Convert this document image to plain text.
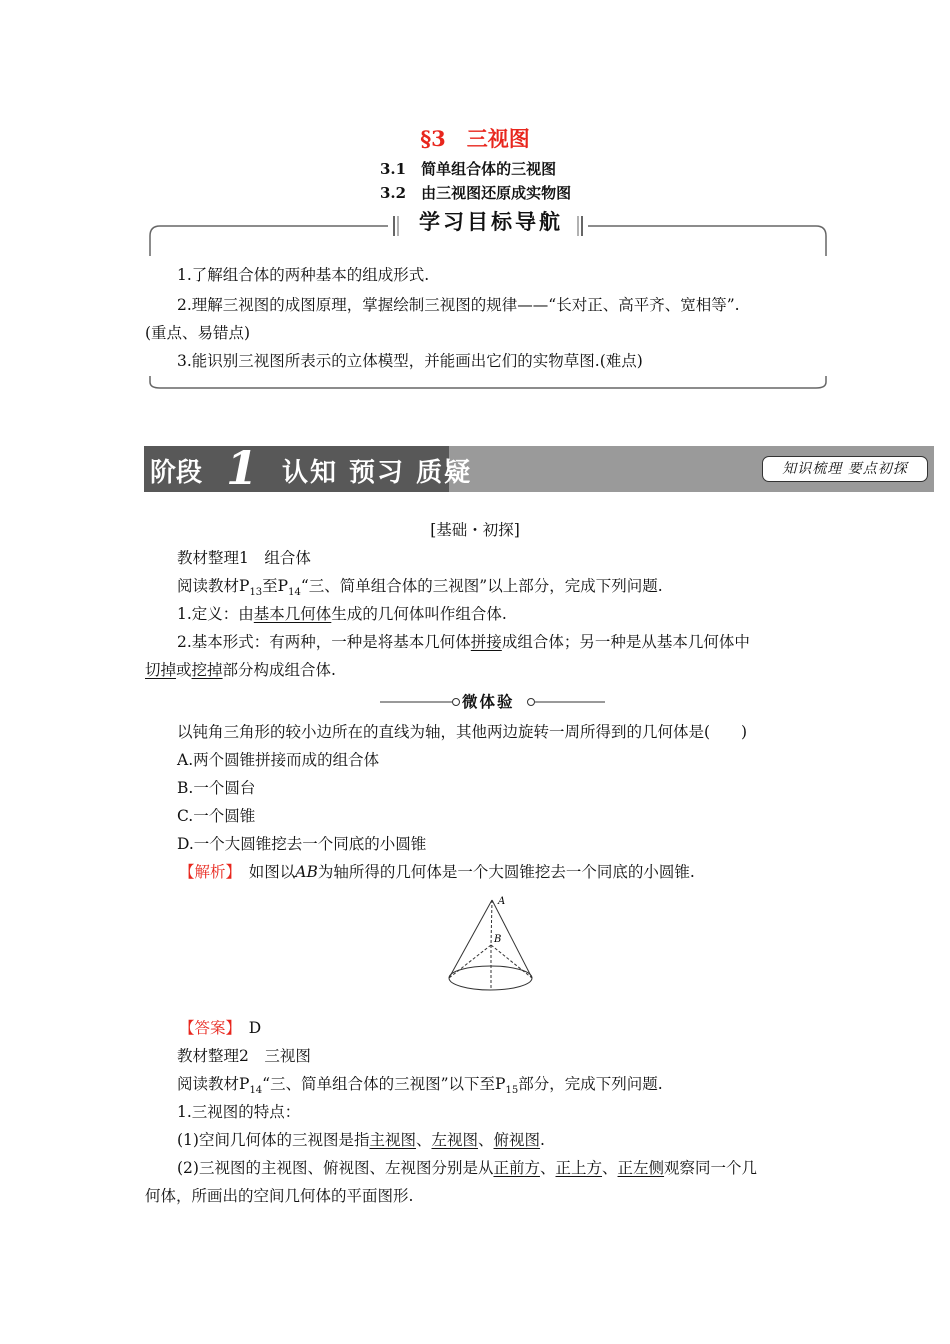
§3　三视图
3.1　简单组合体的三视图
3.2　由三视图还原成实物图
学习目标导航
1.了解组合体的两种基本的组成形式.
2.理解三视图的成图原理，掌握绘制三视图的规律——“长对正、高平齐、宽相等”.
(重点、易错点)
3.能识别三视图所表示的立体模型，并能画出它们的实物草图.(难点)
阶段 1 认知 预习 质疑	知识梳理 要点初探
[基础・初探]
教材整理1　组合体
阅读教材$P_{13}$至$P_{14}“$三、简单组合体的三视图”以上部分，完成下列问题.
1.定义：由基本几何体生成的几何体叫作组合体.
2.基本形式：有两种，一种是将基本几何体拼接成组合体；另一种是从基本几何体中
切掉或挖掉部分构成组合体.
微体验
以钝角三角形的较小边所在的直线为轴，其他两边旋转一周所得到的几何体是(　　)
A.两个圆锥拼接而成的组合体
B.一个圆台
C.一个圆锥
D.一个大圆锥挖去一个同底的小圆锥
【解析】　 如图以AB为轴所得的几何体是一个大圆锥挖去一个同底的小圆锥.
A
B
【答案】　 D
教材整理2　三视图
阅读教材$P_{14}“$三、简单组合体的三视图”以下至$P_{15}$部分，完成下列问题.
1.三视图的特点：
(1)空间几何体的三视图是指主视图、左视图、俯视图.
(2)三视图的主视图、俯视图、左视图分别是从正前方、正上方、正左侧观察同一个几
何体，所画出的空间几何体的平面图形.
